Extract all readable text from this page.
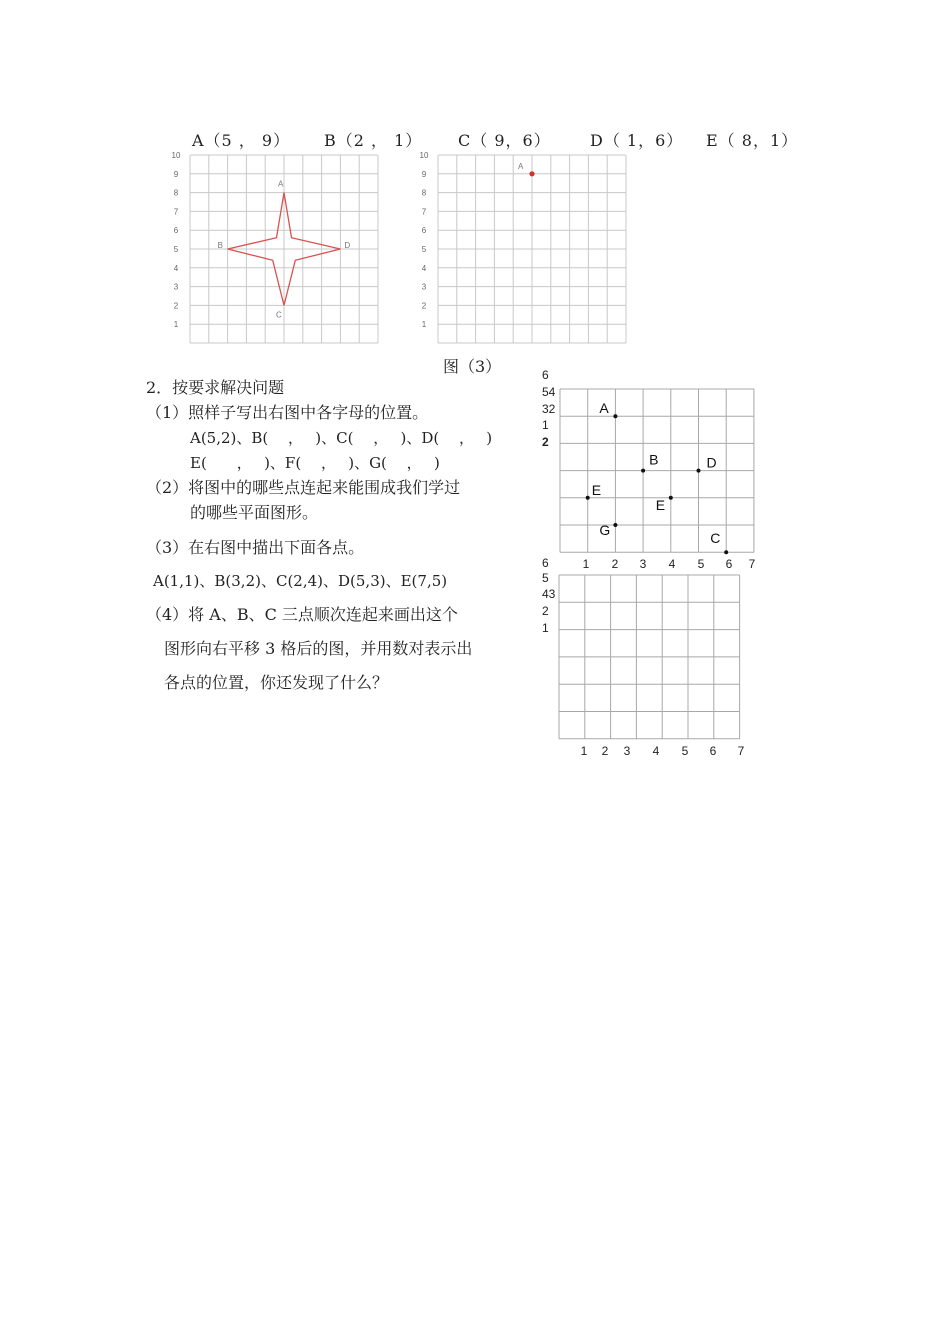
A（5 ， 9） B（2 ， 1） C（ 9，6） D（ 1，6） E（ 8，1）
1
2
3
4
5
6
7
8
9
10
A
B
C
D
1
2
3
4
5
6
7
8
9
10
A
图（3）
2．按要求解决问题
（1）照样子写出右图中各字母的位置。
A(5,2)、B(　 ，　 )、C(　 ，　 )、D(　 ，　 )
E(　　，　 )、F(　 ，　 )、G(　 ，　 )
（2）将图中的哪些点连起来能围成我们学过
的哪些平面图形。
（3）在右图中描出下面各点。
A(1,1)、B(3,2)、C(2,4)、D(5,3)、E(7,5)
（4）将 A、B、C 三点顺次连起来画出这个
图形向右平移 3 格后的图，并用数对表示出
各点的位置，你还发现了什么？
1 2 3 4 5 6 7
6
54
32
1
2
A
B	D
E
E
G
C
1 2 3 4 5 6 7
6
5
43
2
1
